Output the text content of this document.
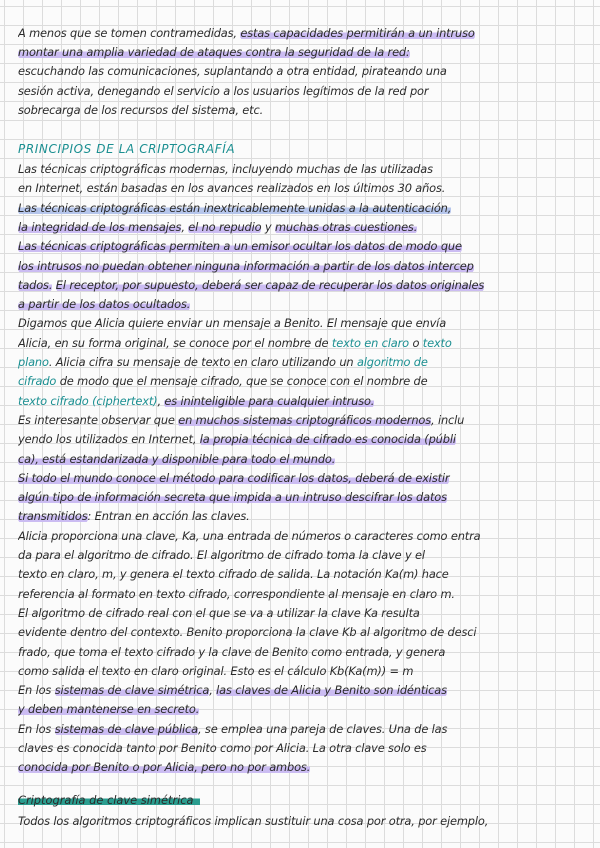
A menos que se tomen contramedidas, estas capacidades permitirán a un intruso
montar una amplia variedad de ataques contra la seguridad de la red:
escuchando las comunicaciones, suplantando a otra entidad, pirateando una
sesión activa, denegando el servicio a los usuarios legítimos de la red por
sobrecarga de los recursos del sistema, etc.
PRINCIPIOS DE LA CRIPTOGRAFÍA
Las técnicas criptográficas modernas, incluyendo muchas de las utilizadas
en Internet, están basadas en los avances realizados en los últimos 30 años.
Las técnicas criptográficas están inextricablemente unidas a la autenticación,
la integridad de los mensajes, el no repudio y muchas otras cuestiones.
Las técnicas criptográficas permiten a un emisor ocultar los datos de modo que
los intrusos no puedan obtener ninguna información a partir de los datos intercep
tados. El receptor, por supuesto, deberá ser capaz de recuperar los datos originales
a partir de los datos ocultados.
Digamos que Alicia quiere enviar un mensaje a Benito. El mensaje que envía
Alicia, en su forma original, se conoce por el nombre de texto en claro o texto
plano. Alicia cifra su mensaje de texto en claro utilizando un algoritmo de
cifrado de modo que el mensaje cifrado, que se conoce con el nombre de
texto cifrado (ciphertext), es ininteligible para cualquier intruso.
Es interesante observar que en muchos sistemas criptográficos modernos, inclu
yendo los utilizados en Internet, la propia técnica de cifrado es conocida (públi
ca), está estandarizada y disponible para todo el mundo.
Si todo el mundo conoce el método para codificar los datos, deberá de existir
algún tipo de información secreta que impida a un intruso descifrar los datos
transmitidos: Entran en acción las claves.
Alicia proporciona una clave, Ka, una entrada de números o caracteres como entra
da para el algoritmo de cifrado. El algoritmo de cifrado toma la clave y el
texto en claro, m, y genera el texto cifrado de salida. La notación Ka(m) hace
referencia al formato en texto cifrado, correspondiente al mensaje en claro m.
El algoritmo de cifrado real con el que se va a utilizar la clave Ka resulta
evidente dentro del contexto. Benito proporciona la clave Kb al algoritmo de desci
frado, que toma el texto cifrado y la clave de Benito como entrada, y genera
como salida el texto en claro original. Esto es el cálculo Kb(Ka(m)) = m
En los sistemas de clave simétrica, las claves de Alicia y Benito son idénticas
y deben mantenerse en secreto.
En los sistemas de clave pública, se emplea una pareja de claves. Una de las
claves es conocida tanto por Benito como por Alicia. La otra clave solo es
conocida por Benito o por Alicia, pero no por ambos.
Criptografía de clave simétrica
Todos los algoritmos criptográficos implican sustituir una cosa por otra, por ejemplo,
